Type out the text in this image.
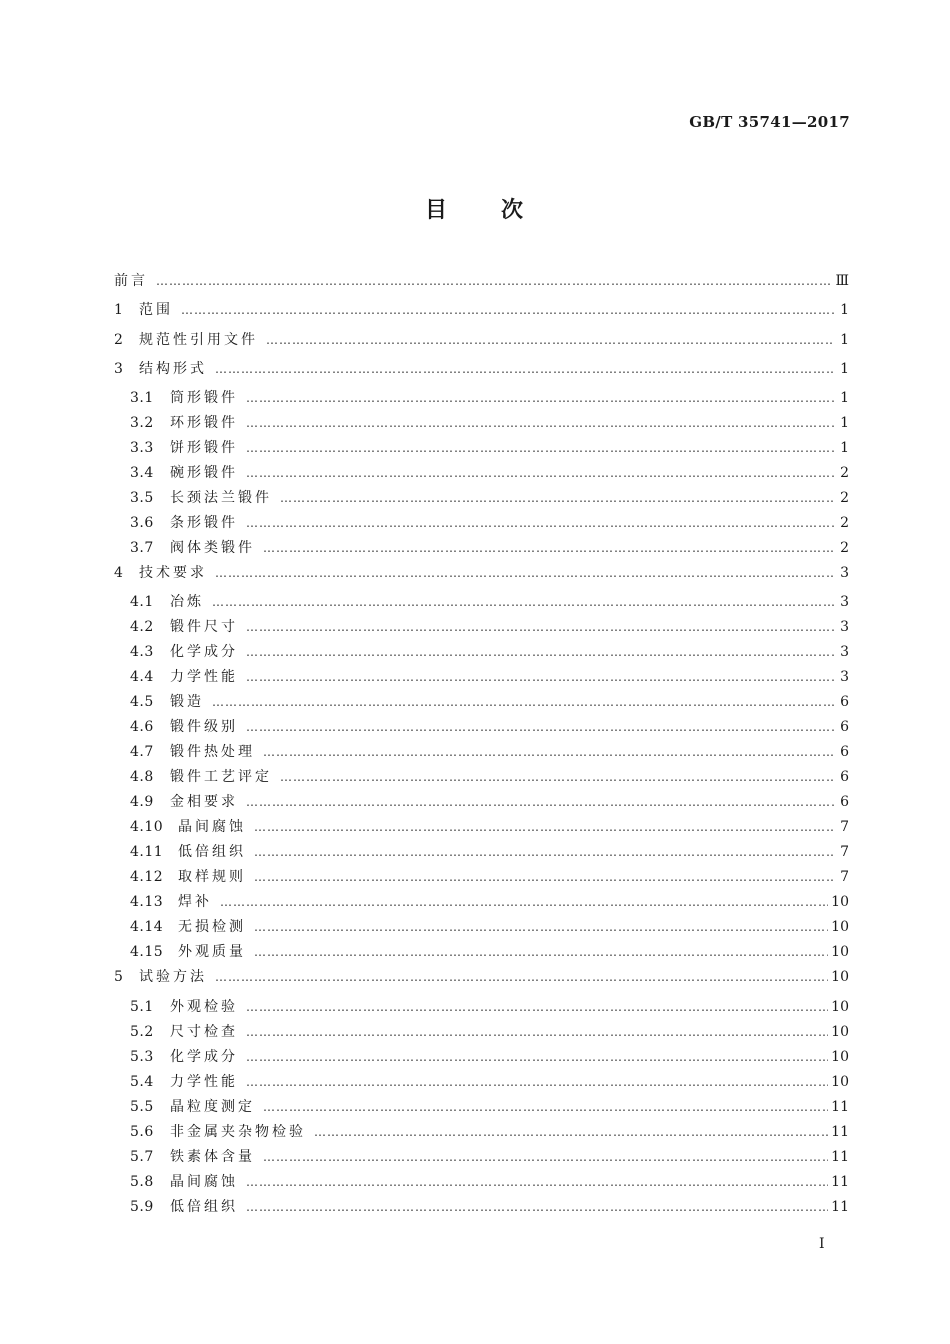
GB/T 35741—2017
目 次
前言 …………………………………………………………………………………………………………………………………………………………………………………………………………………………	Ⅲ
1	范围 …………………………………………………………………………………………………………………………………………………………………………………………………………………………	1
2	规范性引用文件 …………………………………………………………………………………………………………………………………………………………………………………………………………………………	1
3	结构形式 …………………………………………………………………………………………………………………………………………………………………………………………………………………………	1
3.1	筒形锻件 …………………………………………………………………………………………………………………………………………………………………………………………………………………………	1
3.2	环形锻件 …………………………………………………………………………………………………………………………………………………………………………………………………………………………	1
3.3	饼形锻件 …………………………………………………………………………………………………………………………………………………………………………………………………………………………	1
3.4	碗形锻件 …………………………………………………………………………………………………………………………………………………………………………………………………………………………	2
3.5	长颈法兰锻件 …………………………………………………………………………………………………………………………………………………………………………………………………………………………	2
3.6	条形锻件 …………………………………………………………………………………………………………………………………………………………………………………………………………………………	2
3.7	阀体类锻件 …………………………………………………………………………………………………………………………………………………………………………………………………………………………	2
4	技术要求 …………………………………………………………………………………………………………………………………………………………………………………………………………………………	3
4.1	冶炼 …………………………………………………………………………………………………………………………………………………………………………………………………………………………	3
4.2	锻件尺寸 …………………………………………………………………………………………………………………………………………………………………………………………………………………………	3
4.3	化学成分 …………………………………………………………………………………………………………………………………………………………………………………………………………………………	3
4.4	力学性能 …………………………………………………………………………………………………………………………………………………………………………………………………………………………	3
4.5	锻造 …………………………………………………………………………………………………………………………………………………………………………………………………………………………	6
4.6	锻件级别 …………………………………………………………………………………………………………………………………………………………………………………………………………………………	6
4.7	锻件热处理 …………………………………………………………………………………………………………………………………………………………………………………………………………………………	6
4.8	锻件工艺评定 …………………………………………………………………………………………………………………………………………………………………………………………………………………………	6
4.9	金相要求 …………………………………………………………………………………………………………………………………………………………………………………………………………………………	6
4.10	晶间腐蚀 …………………………………………………………………………………………………………………………………………………………………………………………………………………………	7
4.11	低倍组织 …………………………………………………………………………………………………………………………………………………………………………………………………………………………	7
4.12	取样规则 …………………………………………………………………………………………………………………………………………………………………………………………………………………………	7
4.13	焊补 …………………………………………………………………………………………………………………………………………………………………………………………………………………………	10
4.14	无损检测 …………………………………………………………………………………………………………………………………………………………………………………………………………………………	10
4.15	外观质量 …………………………………………………………………………………………………………………………………………………………………………………………………………………………	10
5	试验方法 …………………………………………………………………………………………………………………………………………………………………………………………………………………………	10
5.1	外观检验 …………………………………………………………………………………………………………………………………………………………………………………………………………………………	10
5.2	尺寸检查 …………………………………………………………………………………………………………………………………………………………………………………………………………………………	10
5.3	化学成分 …………………………………………………………………………………………………………………………………………………………………………………………………………………………	10
5.4	力学性能 …………………………………………………………………………………………………………………………………………………………………………………………………………………………	10
5.5	晶粒度测定 …………………………………………………………………………………………………………………………………………………………………………………………………………………………	11
5.6	非金属夹杂物检验 …………………………………………………………………………………………………………………………………………………………………………………………………………………………	11
5.7	铁素体含量 …………………………………………………………………………………………………………………………………………………………………………………………………………………………	11
5.8	晶间腐蚀 …………………………………………………………………………………………………………………………………………………………………………………………………………………………	11
5.9	低倍组织 …………………………………………………………………………………………………………………………………………………………………………………………………………………………	11
I
